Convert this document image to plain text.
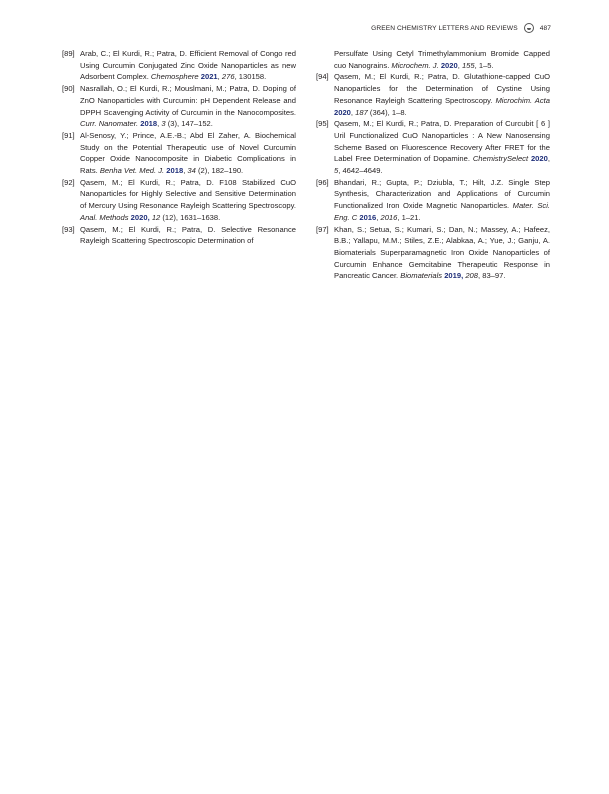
GREEN CHEMISTRY LETTERS AND REVIEWS	487
[89] Arab, C.; El Kurdi, R.; Patra, D. Efficient Removal of Congo red Using Curcumin Conjugated Zinc Oxide Nanoparticles as new Adsorbent Complex. Chemosphere 2021, 276, 130158.
[90] Nasrallah, O.; El Kurdi, R.; Mouslmani, M.; Patra, D. Doping of ZnO Nanoparticles with Curcumin: pH Dependent Release and DPPH Scavenging Activity of Curcumin in the Nanocomposites. Curr. Nanomater. 2018, 3 (3), 147–152.
[91] Al-Senosy, Y.; Prince, A.E.-B.; Abd El Zaher, A. Biochemical Study on the Potential Therapeutic use of Novel Curcumin Copper Oxide Nanocomposite in Diabetic Complications in Rats. Benha Vet. Med. J. 2018, 34 (2), 182–190.
[92] Qasem, M.; El Kurdi, R.; Patra, D. F108 Stabilized CuO Nanoparticles for Highly Selective and Sensitive Determination of Mercury Using Resonance Rayleigh Scattering Spectroscopy. Anal. Methods 2020, 12 (12), 1631–1638.
[93] Qasem, M.; El Kurdi, R.; Patra, D. Selective Resonance Rayleigh Scattering Spectroscopic Determination of
Persulfate Using Cetyl Trimethylammonium Bromide Capped cuo Nanograins. Microchem. J. 2020, 155, 1–5.
[94] Qasem, M.; El Kurdi, R.; Patra, D. Glutathione-capped CuO Nanoparticles for the Determination of Cystine Using Resonance Rayleigh Scattering Spectroscopy. Microchim. Acta 2020, 187 (364), 1–8.
[95] Qasem, M.; El Kurdi, R.; Patra, D. Preparation of Curcubit [ 6 ] Uril Functionalized CuO Nanoparticles : A New Nanosensing Scheme Based on Fluorescence Recovery After FRET for the Label Free Determination of Dopamine. ChemistrySelect 2020, 5, 4642–4649.
[96] Bhandari, R.; Gupta, P.; Dziubla, T.; Hilt, J.Z. Single Step Synthesis, Characterization and Applications of Curcumin Functionalized Iron Oxide Magnetic Nanoparticles. Mater. Sci. Eng. C 2016, 2016, 1–21.
[97] Khan, S.; Setua, S.; Kumari, S.; Dan, N.; Massey, A.; Hafeez, B.B.; Yallapu, M.M.; Stiles, Z.E.; Alabkaa, A.; Yue, J.; Ganju, A. Biomaterials Superparamagnetic Iron Oxide Nanoparticles of Curcumin Enhance Gemcitabine Therapeutic Response in Pancreatic Cancer. Biomaterials 2019, 208, 83–97.
